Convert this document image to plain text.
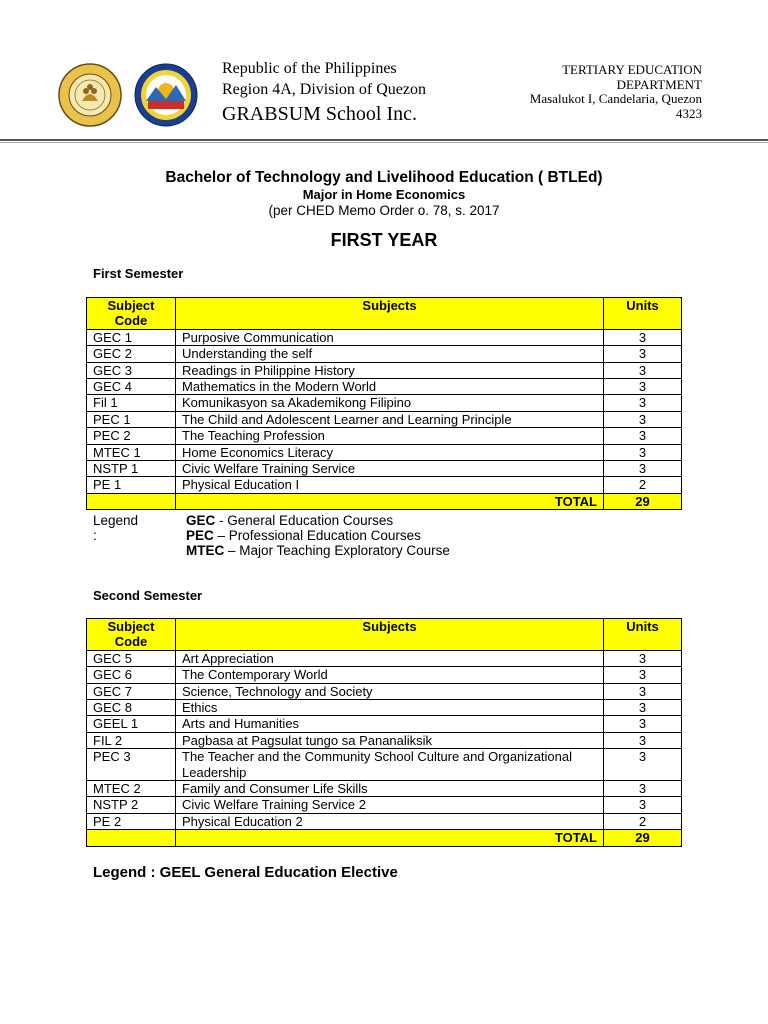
Republic of the Philippines
Region 4A, Division of Quezon
GRABSUM School Inc.
TERTIARY EDUCATION
DEPARTMENT
Masalukot I, Candelaria, Quezon
4323
Bachelor of Technology and Livelihood Education ( BTLEd)
Major in Home Economics
(per CHED Memo Order o. 78, s. 2017
FIRST YEAR
First Semester
Subject Code	Subjects	Units
GEC 1	Purposive Communication	3
GEC 2	Understanding the self	3
GEC 3	Readings in Philippine History	3
GEC 4	Mathematics in the Modern World	3
Fil 1	Komunikasyon sa Akademikong Filipino	3
PEC 1	The Child and Adolescent Learner and Learning Principle	3
PEC 2	The Teaching Profession	3
MTEC 1	Home Economics Literacy	3
NSTP 1	Civic Welfare Training Service	3
PE 1	Physical Education I	2
	TOTAL	29
Legend :
GEC - General Education Courses
PEC – Professional Education Courses
MTEC – Major Teaching Exploratory Course
Second Semester
Subject Code	Subjects	Units
GEC 5	Art Appreciation	3
GEC 6	The Contemporary World	3
GEC 7	Science, Technology and Society	3
GEC 8	Ethics	3
GEEL 1	Arts and Humanities	3
FIL 2	Pagbasa at Pagsulat tungo sa Pananaliksik	3
PEC 3	The Teacher and the Community School Culture and Organizational Leadership	3
MTEC 2	Family and Consumer Life Skills	3
NSTP 2	Civic Welfare Training Service 2	3
PE 2	Physical Education 2	2
	TOTAL	29
Legend : GEEL General Education Elective
